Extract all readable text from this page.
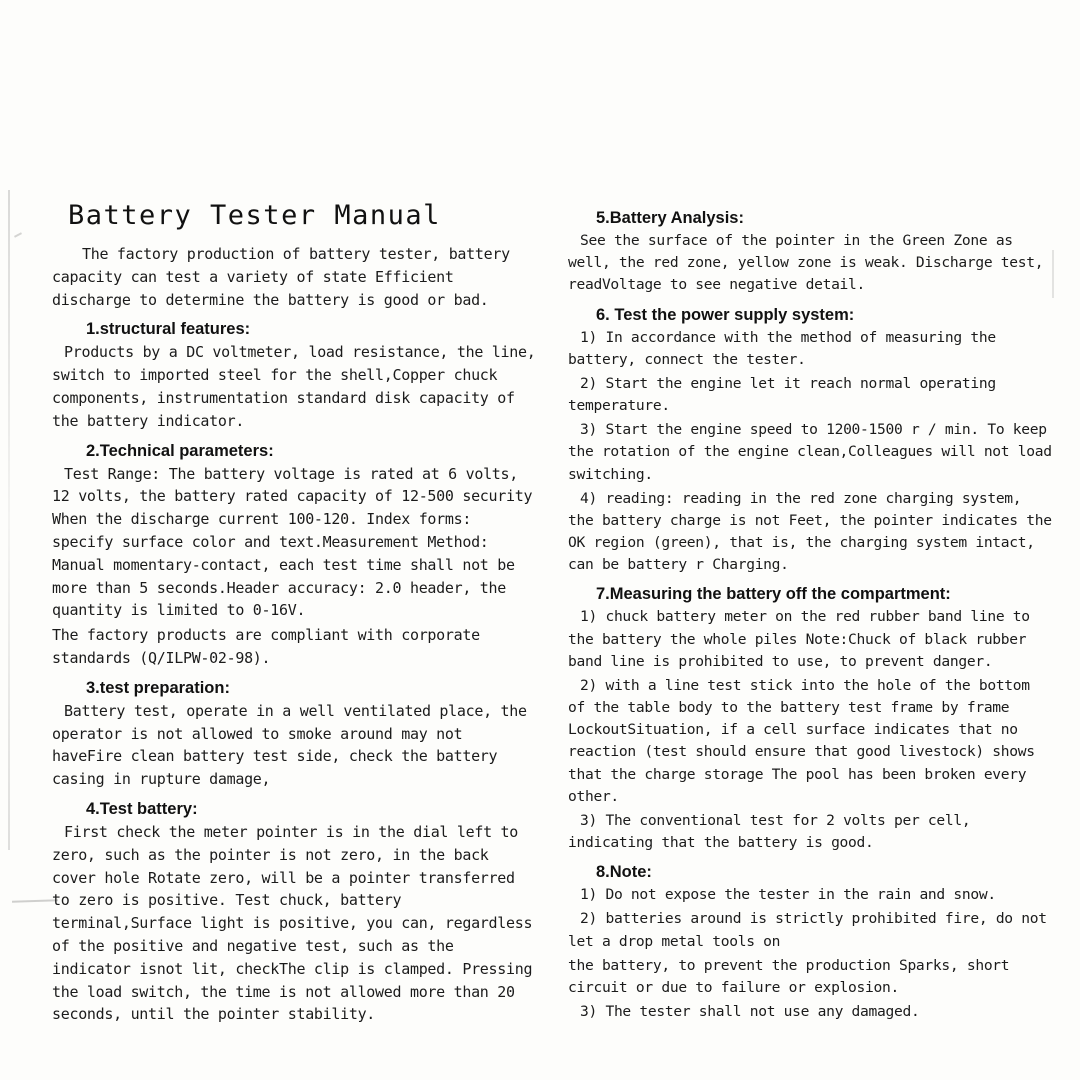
Battery Tester Manual

The factory production of battery tester, battery capacity can test a variety of state Efficient discharge to determine the battery is good or bad.

1.structural features:

Products by a DC voltmeter, load resistance, the line, switch to imported steel for the shell,Copper chuck components, instrumentation standard disk capacity of the battery indicator.

2.Technical parameters:

Test Range: The battery voltage is rated at 6 volts, 12 volts, the battery rated capacity of 12-500 security When the discharge current 100-120. Index forms: specify surface color and text.Measurement Method: Manual momentary-contact, each test time shall not be more than 5 seconds.Header accuracy: 2.0 header, the quantity is limited to 0-16V.

The factory products are compliant with corporate standards (Q/ILPW-02-98).

3.test preparation:

Battery test, operate in a well ventilated place, the operator is not allowed to smoke around may not haveFire clean battery test side, check the battery casing in rupture damage,

4.Test battery:

First check the meter pointer is in the dial left to zero, such as the pointer is not zero, in the back cover hole Rotate zero, will be a pointer transferred to zero is positive. Test chuck, battery terminal,Surface light is positive, you can, regardless of the positive and negative test, such as the indicator isnot lit, checkThe clip is clamped. Pressing the load switch, the time is not allowed more than 20 seconds, until the pointer stability.

5.Battery Analysis:

See the surface of the pointer in the Green Zone as well, the red zone, yellow zone is weak. Discharge test, readVoltage to see negative detail.

6. Test the power supply system:

1) In accordance with the method of measuring the battery, connect the tester.

2) Start the engine let it reach normal operating temperature.

3) Start the engine speed to 1200-1500 r / min. To keep the rotation of the engine clean,Colleagues will not load switching.

4) reading: reading in the red zone charging system, the battery charge is not Feet, the pointer indicates the OK region (green), that is, the charging system intact, can be battery r Charging.

7.Measuring the battery off the compartment:

1) chuck battery meter on the red rubber band line to the battery the whole piles Note:Chuck of black rubber band line is prohibited to use, to prevent danger.

2) with a line test stick into the hole of the bottom of the table body to the battery test frame by frame LockoutSituation, if a cell surface indicates that no reaction (test should ensure that good livestock) shows that the charge storage The pool has been broken every other.

3) The conventional test for 2 volts per cell, indicating that the battery is good.

8.Note:

1) Do not expose the tester in the rain and snow.

2) batteries around is strictly prohibited fire, do not let a drop metal tools on

the battery, to prevent the production Sparks, short circuit or due to failure or explosion.

3) The tester shall not use any damaged.
